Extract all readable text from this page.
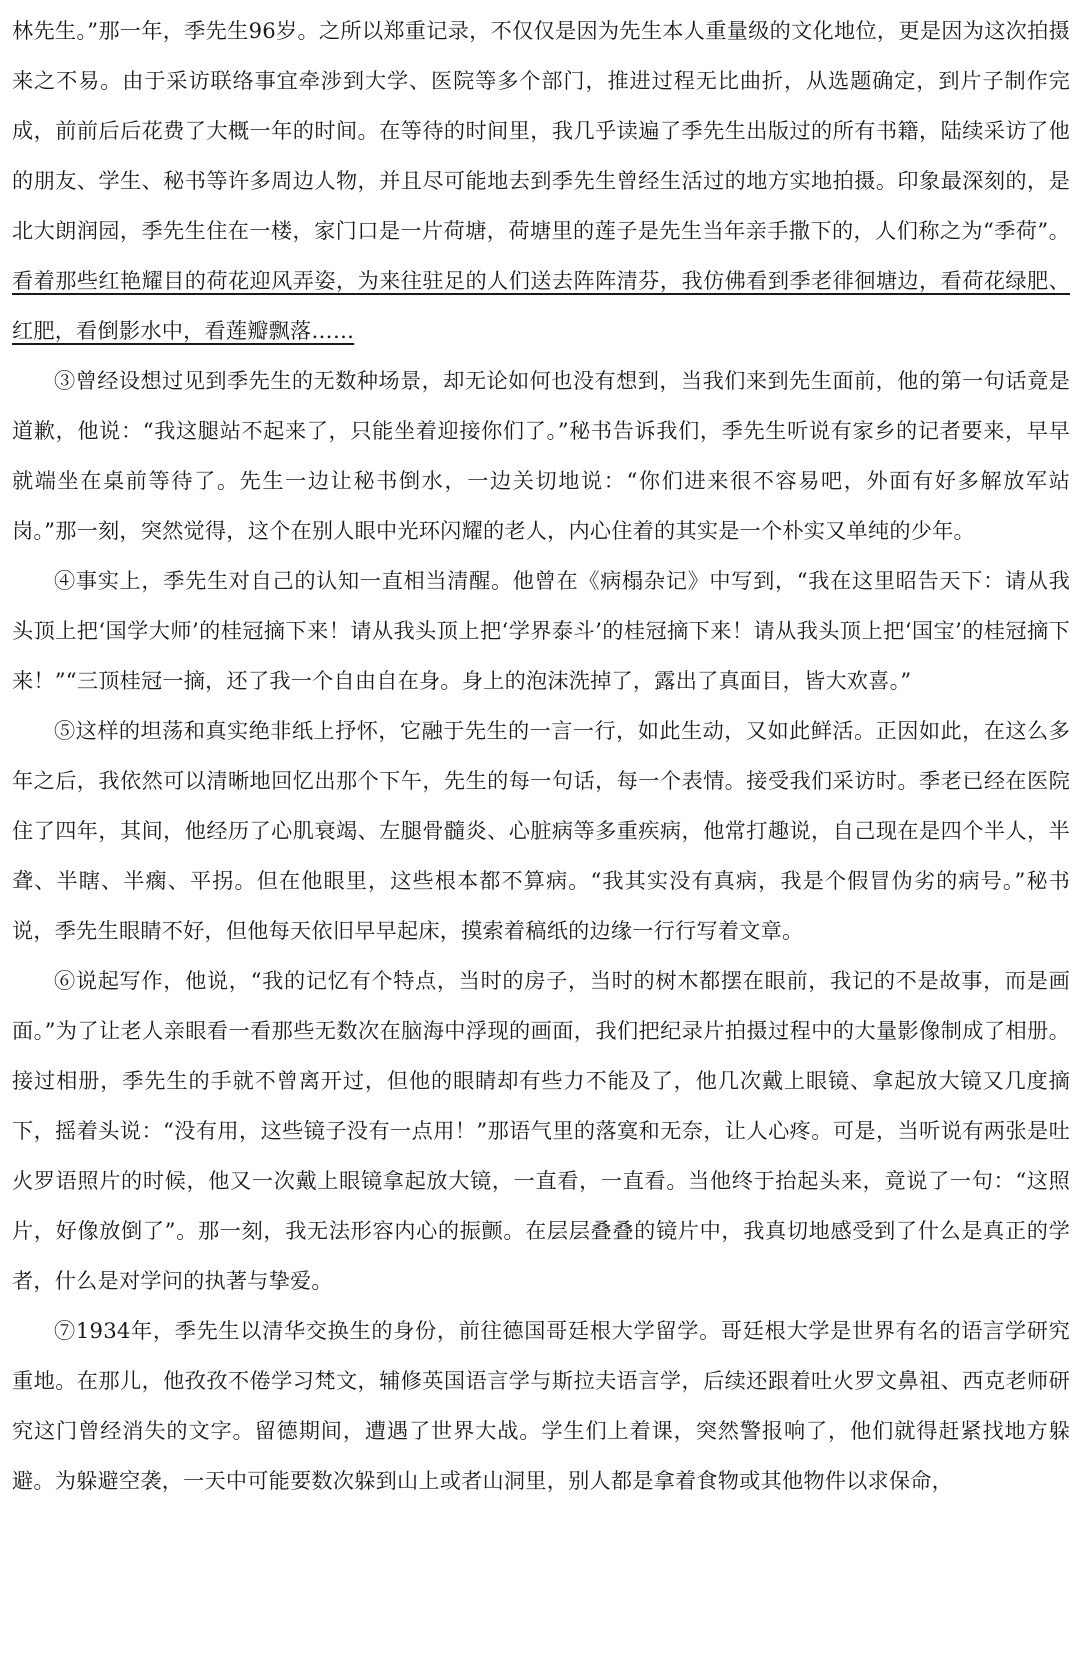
林先生。”那一年，季先生96岁。之所以郑重记录，不仅仅是因为先生本人重量级的文化地位，更是因为这次拍摄来之不易。由于采访联络事宜牵涉到大学、医院等多个部门，推进过程无比曲折，从选题确定，到片子制作完成，前前后后花费了大概一年的时间。在等待的时间里，我几乎读遍了季先生出版过的所有书籍，陆续采访了他的朋友、学生、秘书等许多周边人物，并且尽可能地去到季先生曾经生活过的地方实地拍摄。印象最深刻的，是北大朗润园，季先生住在一楼，家门口是一片荷塘，荷塘里的莲子是先生当年亲手撒下的，人们称之为“季荷”。看着那些红艳耀目的荷花迎风弄姿，为来往驻足的人们送去阵阵清芬，我仿佛看到季老徘徊塘边，看荷花绿肥、红肥，看倒影水中，看莲瓣飘落……

③曾经设想过见到季先生的无数种场景，却无论如何也没有想到，当我们来到先生面前，他的第一句话竟是道歉，他说：“我这腿站不起来了，只能坐着迎接你们了。”秘书告诉我们，季先生听说有家乡的记者要来，早早就端坐在桌前等待了。先生一边让秘书倒水，一边关切地说：“你们进来很不容易吧，外面有好多解放军站岗。”那一刻，突然觉得，这个在别人眼中光环闪耀的老人，内心住着的其实是一个朴实又单纯的少年。

④事实上，季先生对自己的认知一直相当清醒。他曾在《病榻杂记》中写到，“我在这里昭告天下：请从我头顶上把‘国学大师’的桂冠摘下来！请从我头顶上把‘学界泰斗’的桂冠摘下来！请从我头顶上把‘国宝’的桂冠摘下来！”“三顶桂冠一摘，还了我一个自由自在身。身上的泡沫洗掉了，露出了真面目，皆大欢喜。”

⑤这样的坦荡和真实绝非纸上抒怀，它融于先生的一言一行，如此生动，又如此鲜活。正因如此，在这么多年之后，我依然可以清晰地回忆出那个下午，先生的每一句话，每一个表情。接受我们采访时。季老已经在医院住了四年，其间，他经历了心肌衰竭、左腿骨髓炎、心脏病等多重疾病，他常打趣说，自己现在是四个半人，半聋、半瞎、半瘸、平拐。但在他眼里，这些根本都不算病。“我其实没有真病，我是个假冒伪劣的病号。”秘书说，季先生眼睛不好，但他每天依旧早早起床，摸索着稿纸的边缘一行行写着文章。

⑥说起写作，他说，“我的记忆有个特点，当时的房子，当时的树木都摆在眼前，我记的不是故事，而是画面。”为了让老人亲眼看一看那些无数次在脑海中浮现的画面，我们把纪录片拍摄过程中的大量影像制成了相册。接过相册，季先生的手就不曾离开过，但他的眼睛却有些力不能及了，他几次戴上眼镜、拿起放大镜又几度摘下，摇着头说：“没有用，这些镜子没有一点用！”那语气里的落寞和无奈，让人心疼。可是，当听说有两张是吐火罗语照片的时候，他又一次戴上眼镜拿起放大镜，一直看，一直看。当他终于抬起头来，竟说了一句：“这照片，好像放倒了”。那一刻，我无法形容内心的振颤。在层层叠叠的镜片中，我真切地感受到了什么是真正的学者，什么是对学问的执著与挚爱。

⑦1934年，季先生以清华交换生的身份，前往德国哥廷根大学留学。哥廷根大学是世界有名的语言学研究重地。在那儿，他孜孜不倦学习梵文，辅修英国语言学与斯拉夫语言学，后续还跟着吐火罗文鼻祖、西克老师研究这门曾经消失的文字。留德期间，遭遇了世界大战。学生们上着课，突然警报响了，他们就得赶紧找地方躲避。为躲避空袭，一天中可能要数次躲到山上或者山洞里，别人都是拿着食物或其他物件以求保命，
